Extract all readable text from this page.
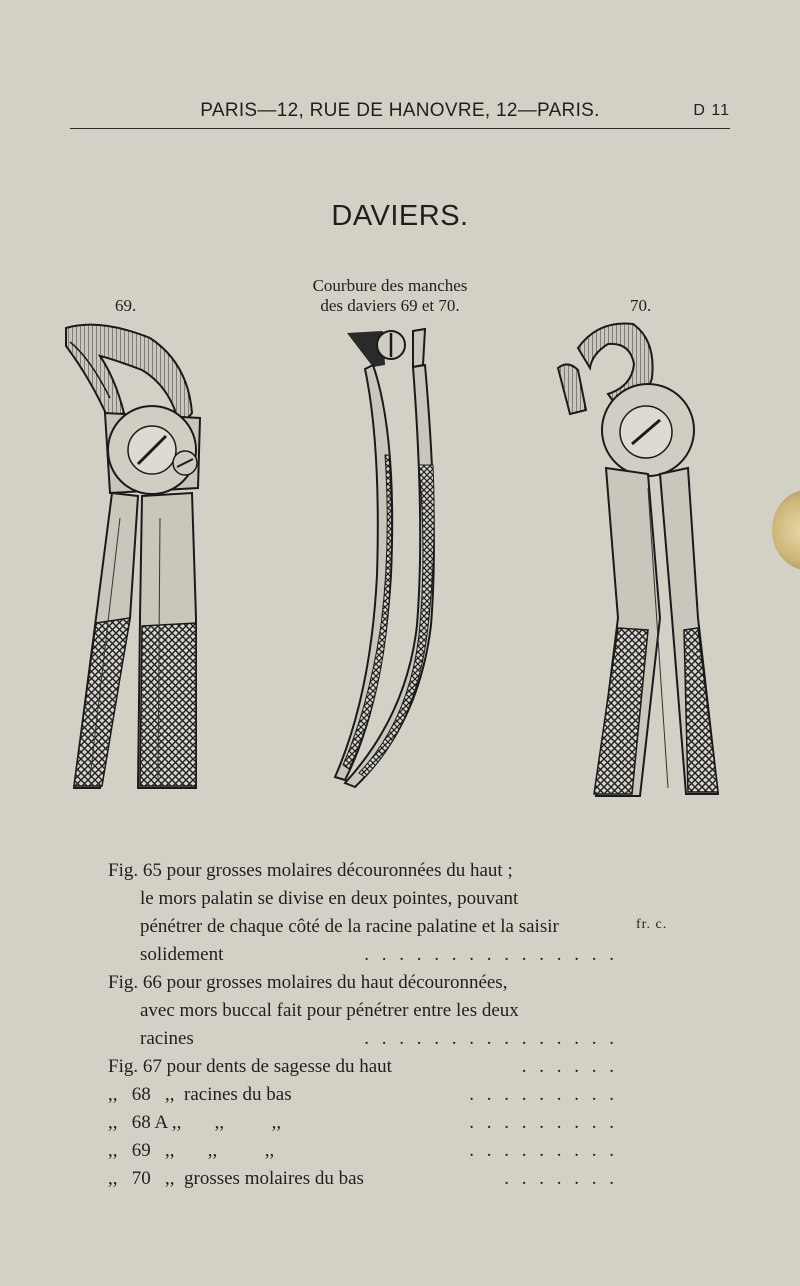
PARIS—12, RUE DE HANOVRE, 12—PARIS.	D 11
DAVIERS.
Courbure des manches
des daviers 69 et 70.
69.	70.
fr. c.
Fig. 65 pour grosses molaires découronnées du haut ;
le mors palatin se divise en deux pointes, pouvant
pénétrer de chaque côté de la racine palatine et la saisir
solidement	. . . . . . . . . . . . . . .
Fig. 66 pour grosses molaires du haut découronnées,
avec mors buccal fait pour pénétrer entre les deux
racines	. . . . . . . . . . . . . . .
Fig. 67 pour dents de sagesse du haut	. . . . . .
,,   68   ,,  racines du bas	. . . . . . . . .
,,   68 A ,,       ,,          ,,	. . . . . . . . .
,,   69   ,,       ,,          ,,	. . . . . . . . .
,,   70   ,,  grosses molaires du bas	. . . . . . .
